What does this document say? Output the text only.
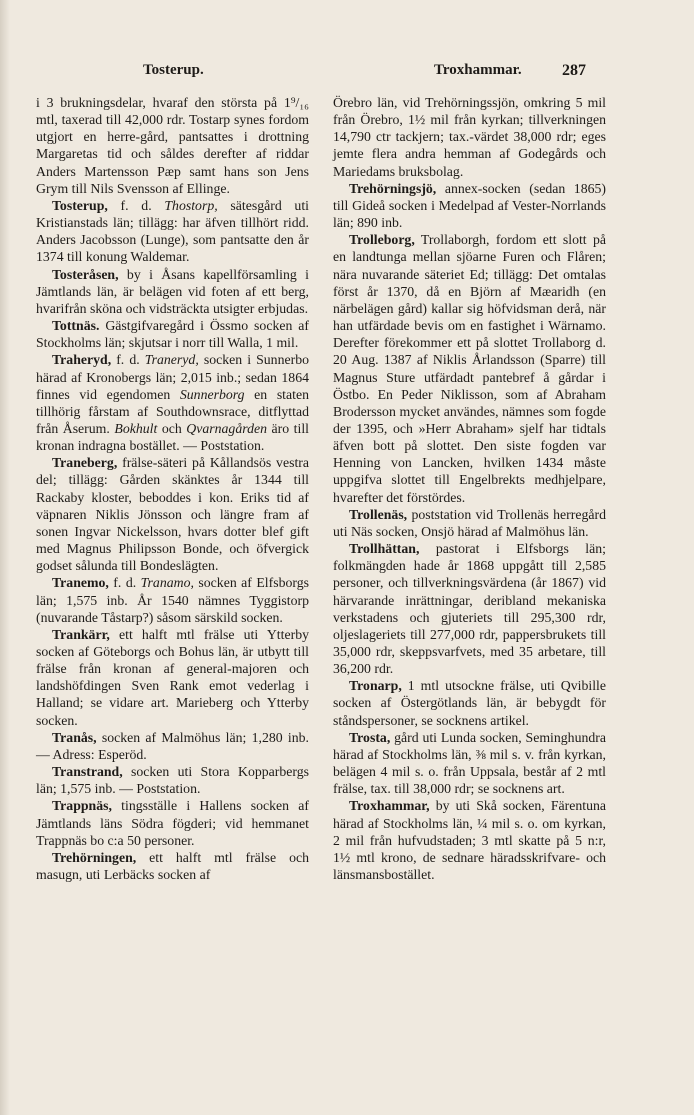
Tosterup.	Troxhammar.	287

i 3 brukningsdelar, hvaraf den största på 1⁹/₁₆ mtl, taxerad till 42,000 rdr. Tostarp synes fordom utgjort en herre-gård, pantsattes i drottning Margaretas tid och såldes derefter af riddar Anders Martensson Pæp samt hans son Jens Grym till Nils Svensson af Ellinge.

Tosterup, f. d. Thostorp, sätesgård uti Kristianstads län; tillägg: har äfven tillhört ridd. Anders Jacobsson (Lunge), som pantsatte den år 1374 till konung Waldemar.

Tosteråsen, by i Åsans kapellförsamling i Jämtlands län, är belägen vid foten af ett berg, hvarifrån sköna och vidsträckta utsigter erbjudas.

Tottnäs. Gästgifvaregård i Össmo socken af Stockholms län; skjutsar i norr till Walla, 1 mil.

Traheryd, f. d. Traneryd, socken i Sunnerbo härad af Kronobergs län; 2,015 inb.; sedan 1864 finnes vid egendomen Sunnerborg en staten tillhörig fårstam af Southdownsrace, ditflyttad från Åserum. Bokhult och Qvarnagården äro till kronan indragna bostället. — Poststation.

Traneberg, frälse-säteri på Kållandsös vestra del; tillägg: Gården skänktes år 1344 till Rackaby kloster, beboddes i kon. Eriks tid af väpnaren Niklis Jönsson och längre fram af sonen Ingvar Nickelsson, hvars dotter blef gift med Magnus Philipsson Bonde, och öfvergick godset sålunda till Bondeslägten.

Tranemo, f. d. Tranamo, socken af Elfsborgs län; 1,575 inb. År 1540 nämnes Tyggistorp (nuvarande Tåstarp?) såsom särskild socken.

Trankärr, ett halft mtl frälse uti Ytterby socken af Göteborgs och Bohus län, är utbytt till frälse från kronan af general-majoren och landshöfdingen Sven Rank emot vederlag i Halland; se vidare art. Marieberg och Ytterby socken.

Tranås, socken af Malmöhus län; 1,280 inb. — Adress: Esperöd.

Transtrand, socken uti Stora Kopparbergs län; 1,575 inb. — Poststation.

Trappnäs, tingsställe i Hallens socken af Jämtlands läns Södra fögderi; vid hemmanet Trappnäs bo c:a 50 personer.

Trehörningen, ett halft mtl frälse och masugn, uti Lerbäcks socken af

Örebro län, vid Trehörningssjön, omkring 5 mil från Örebro, 1½ mil från kyrkan; tillverkningen 14,790 ctr tackjern; tax.-värdet 38,000 rdr; eges jemte flera andra hemman af Godegårds och Mariedams bruksbolag.

Trehörningsjö, annex-socken (sedan 1865) till Gideå socken i Medelpad af Vester-Norrlands län; 890 inb.

Trolleborg, Trollaborgh, fordom ett slott på en landtunga mellan sjöarne Furen och Flåren; nära nuvarande säteriet Ed; tillägg: Det omtalas först år 1370, då en Björn af Mæaridh (en närbelägen gård) kallar sig höfvidsman derå, när han utfärdade bevis om en fastighet i Wärnamo. Derefter förekommer ett på slottet Trollaborg d. 20 Aug. 1387 af Niklis Årlandsson (Sparre) till Magnus Sture utfärdadt pantebref å gårdar i Östbo. En Peder Niklisson, som af Abraham Brodersson mycket användes, nämnes som fogde der 1395, och »Herr Abraham» sjelf har tidtals äfven bott på slottet. Den siste fogden var Henning von Lancken, hvilken 1434 måste uppgifva slottet till Engelbrekts medhjelpare, hvarefter det förstördes.

Trollenäs, poststation vid Trollenäs herregård uti Näs socken, Onsjö härad af Malmöhus län.

Trollhättan, pastorat i Elfsborgs län; folkmängden hade år 1868 uppgått till 2,585 personer, och tillverkningsvärdena (år 1867) vid härvarande inrättningar, deribland mekaniska verkstadens och gjuteriets till 295,300 rdr, oljeslageriets till 277,000 rdr, pappersbrukets till 35,000 rdr, skeppsvarfvets, med 35 arbetare, till 36,200 rdr.

Tronarp, 1 mtl utsockne frälse, uti Qvibille socken af Östergötlands län, är bebygdt för ståndspersoner, se socknens artikel.

Trosta, gård uti Lunda socken, Seminghundra härad af Stockholms län, ⅜ mil s. v. från kyrkan, belägen 4 mil s. o. från Uppsala, består af 2 mtl frälse, tax. till 38,000 rdr; se socknens art.

Troxhammar, by uti Skå socken, Färentuna härad af Stockholms län, ¼ mil s. o. om kyrkan, 2 mil från hufvudstaden; 3 mtl skatte på 5 n:r, 1½ mtl krono, de sednare häradsskrifvare- och länsmansbostället.
